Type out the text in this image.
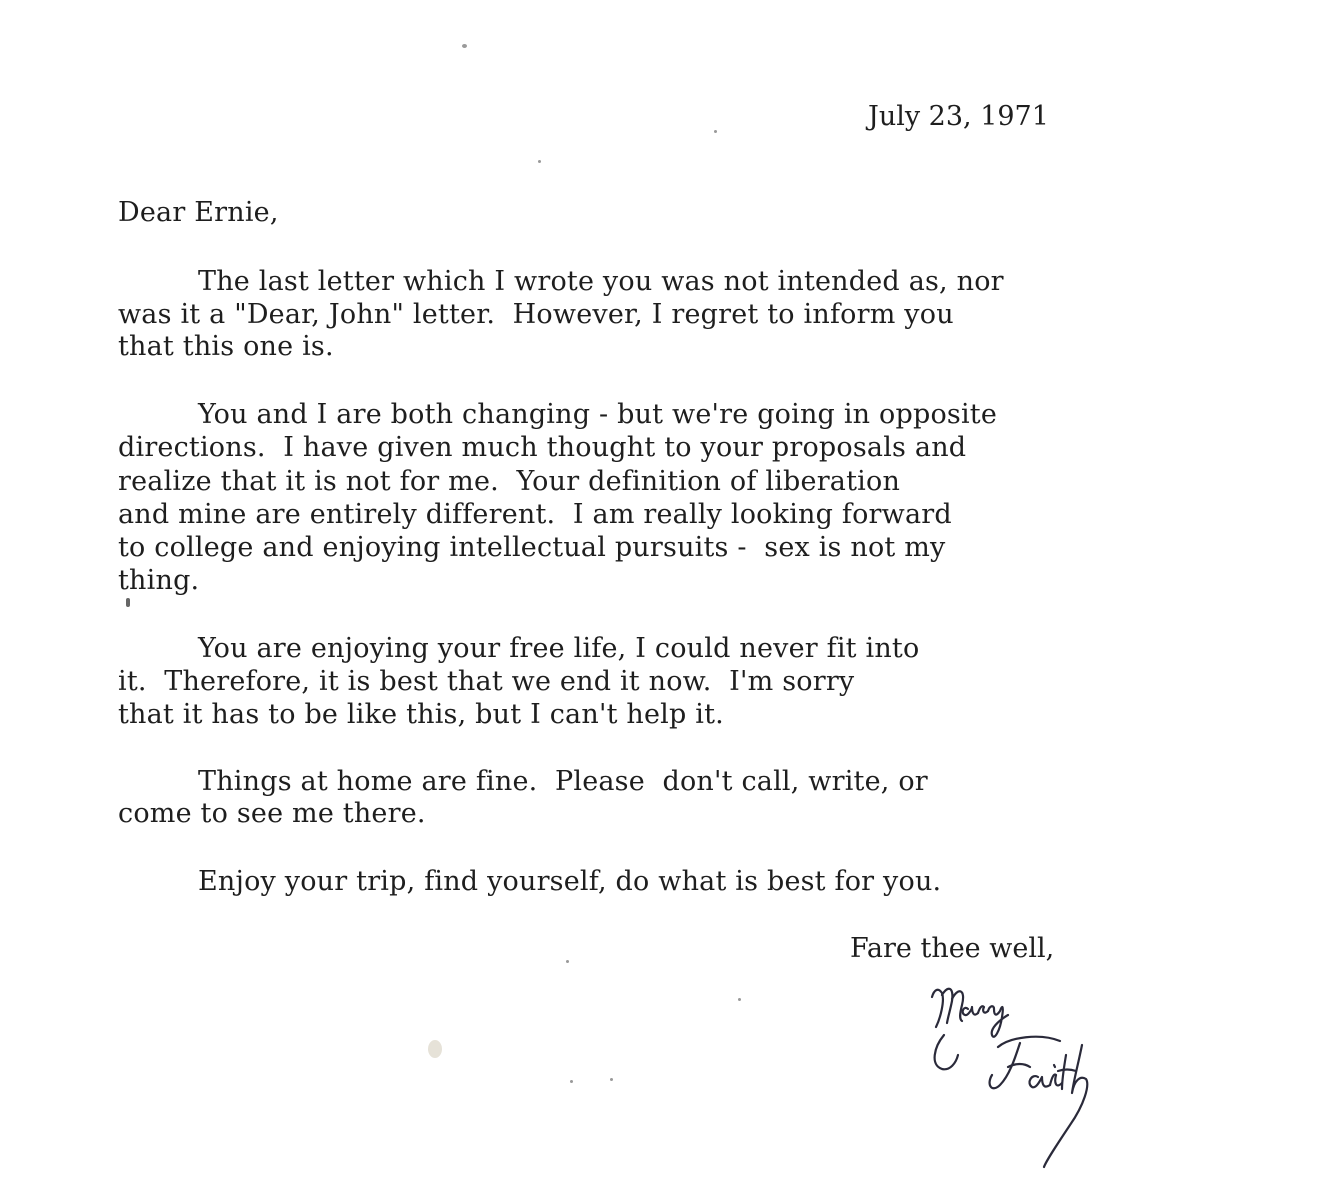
July 23, 1971
Dear Ernie,
The last letter which I wrote you was not intended as, nor
was it a "Dear, John" letter.  However, I regret to inform you
that this one is.
You and I are both changing - but we're going in opposite
directions.  I have given much thought to your proposals and
realize that it is not for me.  Your definition of liberation
and mine are entirely different.  I am really looking forward
to college and enjoying intellectual pursuits -  sex is not my
thing.
You are enjoying your free life, I could never fit into
it.  Therefore, it is best that we end it now.  I'm sorry
that it has to be like this, but I can't help it.
Things at home are fine.  Please  don't call, write, or
come to see me there.
Enjoy your trip, find yourself, do what is best for you.
Fare thee well,
